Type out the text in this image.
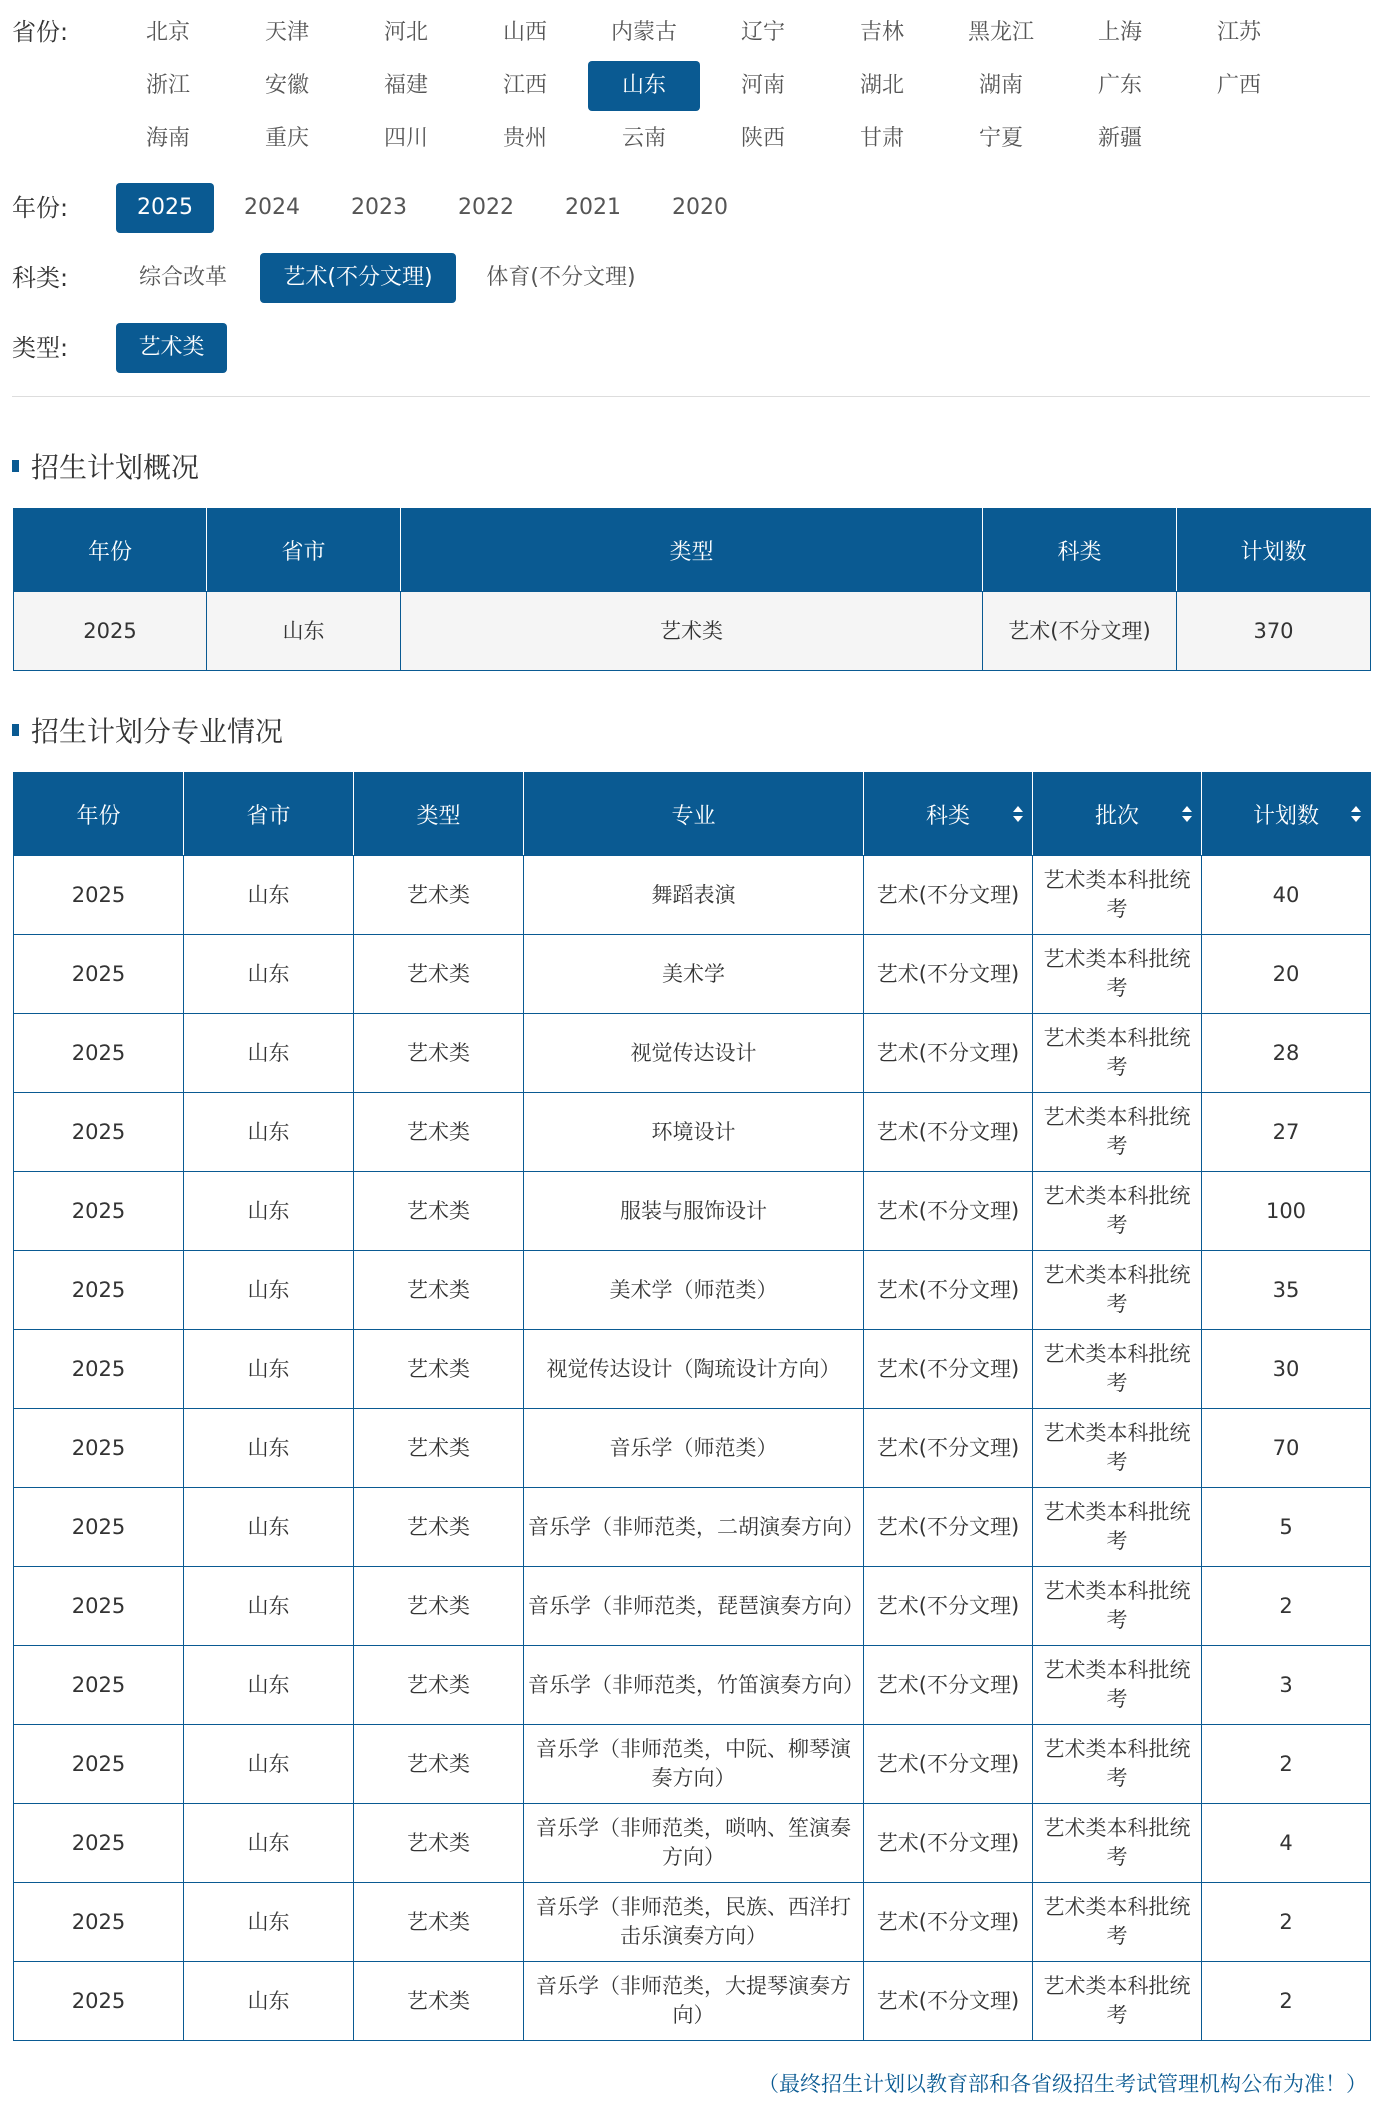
省份:	北京	天津	河北	山西	内蒙古	辽宁	吉林	黑龙江	上海	江苏
浙江	安徽	福建	江西	山东	河南	湖北	湖南	广东	广西
海南	重庆	四川	贵州	云南	陕西	甘肃	宁夏	新疆
年份:	2025	2024	2023	2022	2021	2020
科类:	综合改革	艺术(不分文理)	体育(不分文理)
类型:	艺术类
招生计划概况
年份	省市	类型	科类	计划数
2025	山东	艺术类	艺术(不分文理)	370
招生计划分专业情况
年份	省市	类型	专业	科类	批次	计划数

2025	山东	艺术类	舞蹈表演	艺术(不分文理)	艺术类本科批统考	40
2025	山东	艺术类	美术学	艺术(不分文理)	艺术类本科批统考	20
2025	山东	艺术类	视觉传达设计	艺术(不分文理)	艺术类本科批统考	28
2025	山东	艺术类	环境设计	艺术(不分文理)	艺术类本科批统考	27
2025	山东	艺术类	服装与服饰设计	艺术(不分文理)	艺术类本科批统考	100
2025	山东	艺术类	美术学（师范类）	艺术(不分文理)	艺术类本科批统考	35
2025	山东	艺术类	视觉传达设计（陶琉设计方向）	艺术(不分文理)	艺术类本科批统考	30
2025	山东	艺术类	音乐学（师范类）	艺术(不分文理)	艺术类本科批统考	70
2025	山东	艺术类	音乐学（非师范类，二胡演奏方向）	艺术(不分文理)	艺术类本科批统考	5
2025	山东	艺术类	音乐学（非师范类，琵琶演奏方向）	艺术(不分文理)	艺术类本科批统考	2
2025	山东	艺术类	音乐学（非师范类，竹笛演奏方向）	艺术(不分文理)	艺术类本科批统考	3
2025	山东	艺术类	音乐学（非师范类，中阮、柳琴演奏方向）	艺术(不分文理)	艺术类本科批统考	2
2025	山东	艺术类	音乐学（非师范类，唢呐、笙演奏方向）	艺术(不分文理)	艺术类本科批统考	4
2025	山东	艺术类	音乐学（非师范类，民族、西洋打击乐演奏方向）	艺术(不分文理)	艺术类本科批统考	2
2025	山东	艺术类	音乐学（非师范类，大提琴演奏方向）	艺术(不分文理)	艺术类本科批统考	2
（最终招生计划以教育部和各省级招生考试管理机构公布为准！）
